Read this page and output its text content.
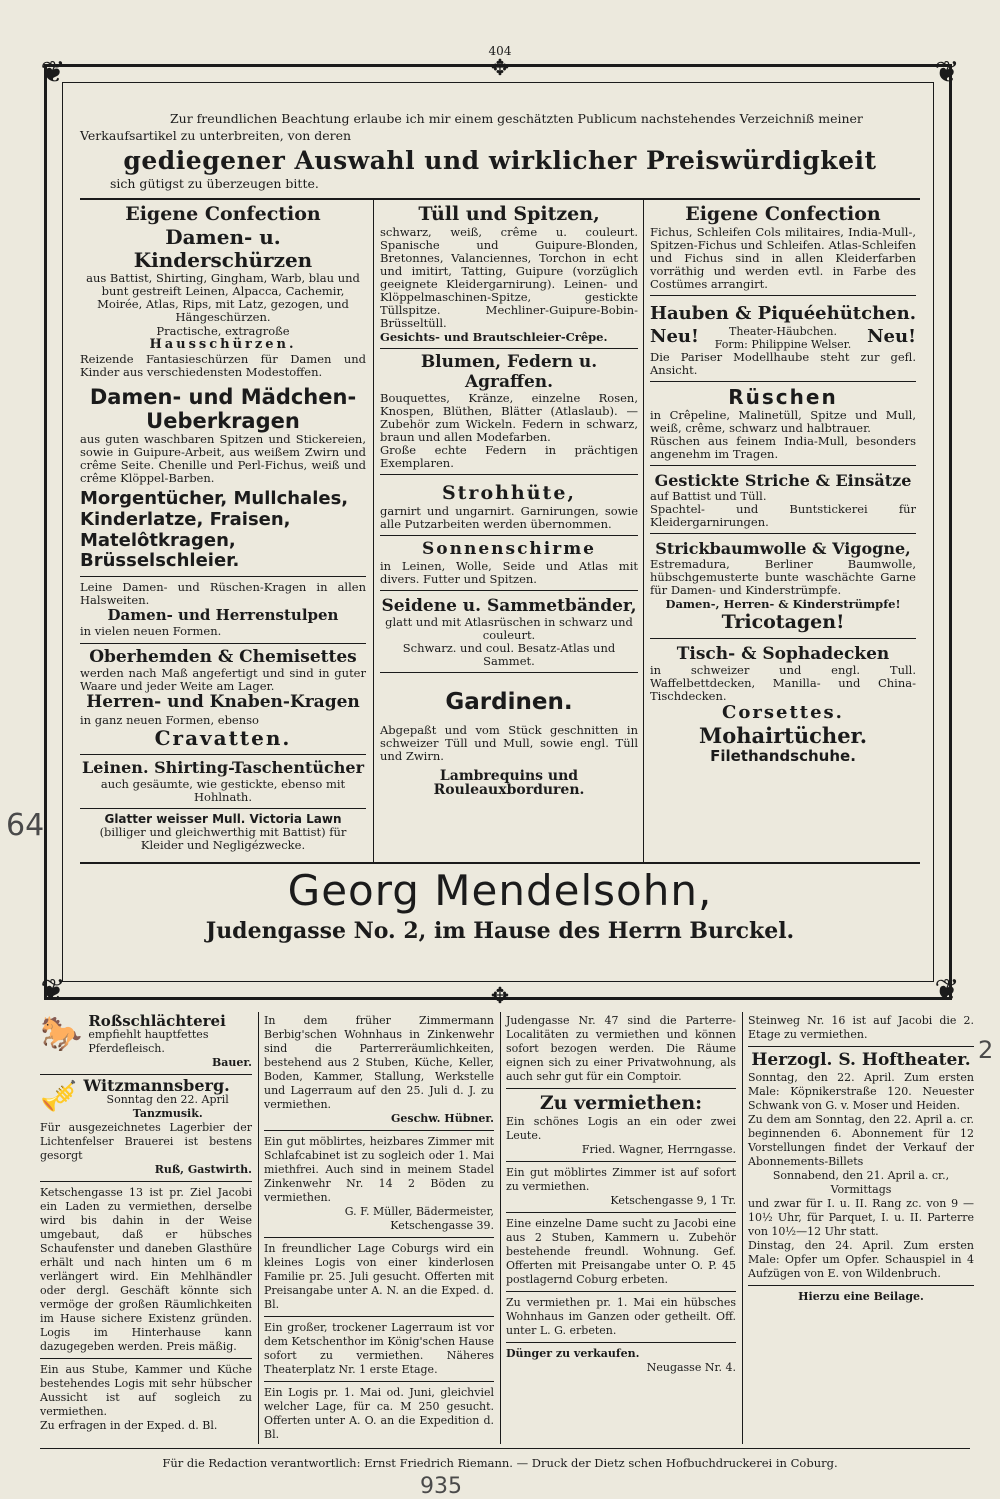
404
❦	❦
❦	❦
✥
✥
Zur freundlichen Beachtung erlaube ich mir einem geschätzten Publicum nachstehendes Verzeichniß meiner Verkaufsartikel zu unterbreiten, von deren
gediegener Auswahl und wirklicher Preiswürdigkeit
sich gütigst zu überzeugen bitte.
Eigene Confection
Damen- u. Kinderschürzen
aus Battist, Shirting, Gingham, Warb, blau und bunt gestreift Leinen, Alpacca, Cachemir, Moirée, Atlas, Rips, mit Latz, gezogen, und Hängeschürzen.
Practische, extragroße
Hausschürzen.

Reizende Fantasieschürzen für Damen und Kinder aus verschiedensten Modestoffen.

Damen- und Mädchen-Ueberkragen

aus guten waschbaren Spitzen und Stickereien, sowie in Guipure-Arbeit, aus weißem Zwirn und crême Seite. Chenille und Perl-Fichus, weiß und crême Klöppel-Barben.

Morgentücher, Mullchales, Kinderlatze, Fraisen, Matelôtkragen, Brüsselschleier.

Leine Damen- und Rüschen-Kragen in allen Halsweiten.

Damen- und Herrenstulpen

in vielen neuen Formen.

Oberhemden & Chemisettes

werden nach Maß angefertigt und sind in guter Waare und jeder Weite am Lager.

Herren- und Knaben-Kragen

in ganz neuen Formen, ebenso

Cravatten.
Leinen. Shirting-Taschentücher
auch gesäumte, wie gestickte, ebenso mit Hohlnath.
Glatter weisser Mull. Victoria Lawn
(billiger und gleichwerthig mit Battist) für Kleider und Negligézwecke.
Tüll und Spitzen,

schwarz, weiß, crême u. couleurt. Spanische und Guipure-Blonden, Bretonnes, Valanciennes, Torchon in echt und imitirt, Tatting, Guipure (vorzüglich geeignete Kleidergarnirung). Leinen- und Klöppelmaschinen-Spitze, gestickte Tüllspitze. Mechliner-Guipure-Bobin-Brüsseltüll.

Gesichts- und Brautschleier-Crêpe.
Blumen, Federn u. Agraffen.

Bouquettes, Kränze, einzelne Rosen, Knospen, Blüthen, Blätter (Atlaslaub). — Zubehör zum Wickeln. Federn in schwarz, braun und allen Modefarben.

Große echte Federn in prächtigen Exemplaren.

Strohhüte,

garnirt und ungarnirt. Garnirungen, sowie alle Putzarbeiten werden übernommen.

Sonnenschirme

in Leinen, Wolle, Seide und Atlas mit divers. Futter und Spitzen.

Seidene u. Sammetbänder,
glatt und mit Atlasrüschen in schwarz und couleurt.
Schwarz. und coul. Besatz-Atlas und Sammet.
Gardinen.

Abgepaßt und vom Stück geschnitten in schweizer Tüll und Mull, sowie engl. Tüll und Zwirn.

Lambrequins und
Rouleauxborduren.
Eigene Confection

Fichus, Schleifen Cols militaires, India-Mull-, Spitzen-Fichus und Schleifen. Atlas-Schleifen und Fichus sind in allen Kleiderfarben vorräthig und werden evtl. in Farbe des Costümes arrangirt.

Hauben & Piquéehütchen.
Neu!	Theater-Häubchen.
Form: Philippine Welser. Neu!

Die Pariser Modellhaube steht zur gefl. Ansicht.

Rüschen

in Crêpeline, Malinetüll, Spitze und Mull, weiß, crême, schwarz und halbtrauer.

Rüschen aus feinem India-Mull, besonders angenehm im Tragen.

Gestickte Striche & Einsätze

auf Battist und Tüll.

Spachtel- und Buntstickerei für Kleidergarnirungen.

Strickbaumwolle & Vigogne,

Estremadura, Berliner Baumwolle, hübschgemusterte bunte waschächte Garne für Damen- und Kinderstrümpfe.

Damen-, Herren- & Kinderstrümpfe!
Tricotagen!
Tisch- & Sophadecken

in schweizer und engl. Tull. Waffelbettdecken, Manilla- und China-Tischdecken.

Corsettes.
Mohairtücher.
Filethandschuhe.
Georg Mendelsohn,
Judengasse No. 2, im Hause des Herrn Burckel.
🐎 Roßschlächterei
empfiehlt hauptfettes Pferdefleisch.
Bauer.
🎺 Witzmannsberg.
Sonntag den 22. April
Tanzmusik.

Für ausgezeichnetes Lagerbier der Lichtenfelser Brauerei ist bestens gesorgt

Ruß, Gastwirth.

Ketschengasse 13 ist pr. Ziel Jacobi ein Laden zu vermiethen, derselbe wird bis dahin in der Weise umgebaut, daß er hübsches Schaufenster und daneben Glasthüre erhält und nach hinten um 6 m verlängert wird. Ein Mehlhändler oder dergl. Geschäft könnte sich vermöge der großen Räumlichkeiten im Hause sichere Existenz gründen. Logis im Hinterhause kann dazugegeben werden. Preis mäßig.

Ein aus Stube, Kammer und Küche bestehendes Logis mit sehr hübscher Aussicht ist auf sogleich zu vermiethen.

Zu erfragen in der Exped. d. Bl.

In dem früher Zimmermann Berbig'schen Wohnhaus in Zinkenwehr sind die Parterreräumlichkeiten, bestehend aus 2 Stuben, Küche, Keller, Boden, Kammer, Stallung, Werkstelle und Lagerraum auf den 25. Juli d. J. zu vermiethen.

Geschw. Hübner.

Ein gut möblirtes, heizbares Zimmer mit Schlafcabinet ist zu sogleich oder 1. Mai miethfrei. Auch sind in meinem Stadel Zinkenwehr Nr. 14 2 Böden zu vermiethen.

G. F. Müller, Bädermeister, Ketschengasse 39.

In freundlicher Lage Coburgs wird ein kleines Logis von einer kinderlosen Familie pr. 25. Juli gesucht. Offerten mit Preisangabe unter A. N. an die Exped. d. Bl.

Ein großer, trockener Lagerraum ist vor dem Ketschenthor im König'schen Hause sofort zu vermiethen. Näheres Theaterplatz Nr. 1 erste Etage.

Ein Logis pr. 1. Mai od. Juni, gleichviel welcher Lage, für ca. M 250 gesucht. Offerten unter A. O. an die Expedition d. Bl.

Judengasse Nr. 47 sind die Parterre-Localitäten zu vermiethen und können sofort bezogen werden. Die Räume eignen sich zu einer Privatwohnung, als auch sehr gut für ein Comptoir.

Zu vermiethen:

Ein schönes Logis an ein oder zwei Leute.

Fried. Wagner, Herrngasse.

Ein gut möblirtes Zimmer ist auf sofort zu vermiethen.

Ketschengasse 9, 1 Tr.

Eine einzelne Dame sucht zu Jacobi eine aus 2 Stuben, Kammern u. Zubehör bestehende freundl. Wohnung. Gef. Offerten mit Preisangabe unter O. P. 45 postlagernd Coburg erbeten.

Zu vermiethen pr. 1. Mai ein hübsches Wohnhaus im Ganzen oder getheilt. Off. unter L. G. erbeten.

Dünger zu verkaufen.
Neugasse Nr. 4.

Steinweg Nr. 16 ist auf Jacobi die 2. Etage zu vermiethen.

Herzogl. S. Hoftheater.

Sonntag, den 22. April. Zum ersten Male: Köpnikerstraße 120. Neuester Schwank von G. v. Moser und Heiden.

Zu dem am Sonntag, den 22. April a. cr. beginnenden 6. Abonnement für 12 Vorstellungen findet der Verkauf der Abonnements-Billets

Sonnabend, den 21. April a. cr., Vormittags

und zwar für I. u. II. Rang zc. von 9 — 10½ Uhr, für Parquet, I. u. II. Parterre von 10½—12 Uhr statt.

Dinstag, den 24. April. Zum ersten Male: Opfer um Opfer. Schauspiel in 4 Aufzügen von E. von Wildenbruch.

Hierzu eine Beilage.
Für die Redaction verantwortlich: Ernst Friedrich Riemann. — Druck der Dietz schen Hofbuchdruckerei in Coburg.
64
935
2
